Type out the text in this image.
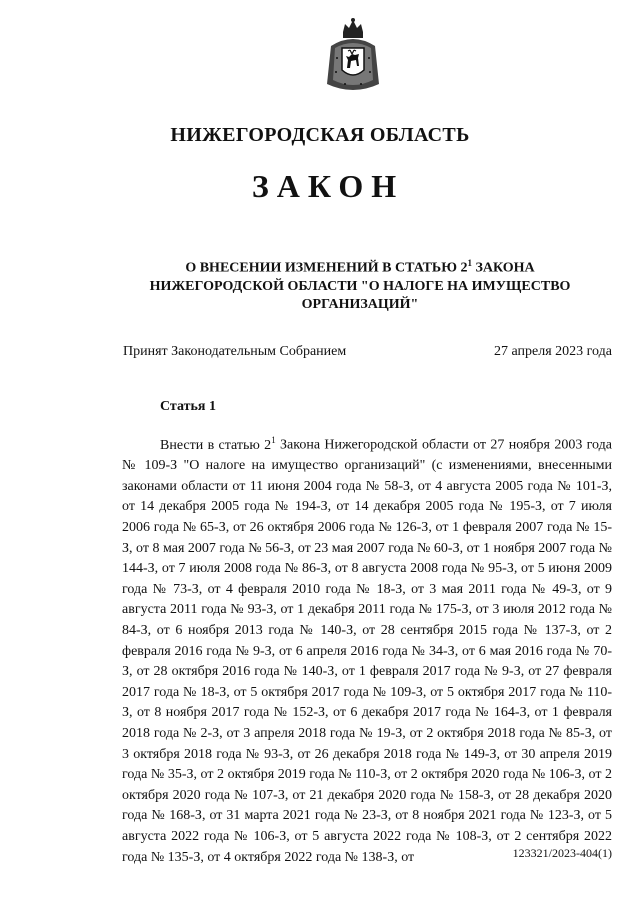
НИЖЕГОРОДСКАЯ ОБЛАСТЬ
ЗАКОН
О ВНЕСЕНИИ ИЗМЕНЕНИЙ В СТАТЬЮ $2^1$ ЗАКОНА НИЖЕГОРОДСКОЙ ОБЛАСТИ "О НАЛОГЕ НА ИМУЩЕСТВО ОРГАНИЗАЦИЙ"
Принят Законодательным Собранием	27 апреля 2023 года
Статья 1
Внести в статью $2^1$ Закона Нижегородской области от 27 ноября 2003 года № 109-З "О налоге на имущество организаций" (с изменениями, внесенными законами области от 11 июня 2004 года № 58-З, от 4 августа 2005 года № 101-З, от 14 декабря 2005 года № 194-З, от 14 декабря 2005 года № 195-З, от 7 июля 2006 года № 65-З, от 26 октября 2006 года № 126-З, от 1 февраля 2007 года № 15-З, от 8 мая 2007 года № 56-З, от 23 мая 2007 года № 60-З, от 1 ноября 2007 года № 144-З, от 7 июля 2008 года № 86-З, от 8 августа 2008 года № 95-З, от 5 июня 2009 года № 73-З, от 4 февраля 2010 года № 18-З, от 3 мая 2011 года № 49-З, от 9 августа 2011 года № 93-З, от 1 декабря 2011 года № 175-З, от 3 июля 2012 года № 84-З, от 6 ноября 2013 года № 140-З, от 28 сентября 2015 года № 137-З, от 2 февраля 2016 года № 9-З, от 6 апреля 2016 года № 34-З, от 6 мая 2016 года № 70-З, от 28 октября 2016 года № 140-З, от 1 февраля 2017 года № 9-З, от 27 февраля 2017 года № 18-З, от 5 октября 2017 года № 109-З, от 5 октября 2017 года № 110-З, от 8 ноября 2017 года № 152-З, от 6 декабря 2017 года № 164-З, от 1 февраля 2018 года № 2-З, от 3 апреля 2018 года № 19-З, от 2 октября 2018 года № 85-З, от 3 октября 2018 года № 93-З, от 26 декабря 2018 года № 149-З, от 30 апреля 2019 года № 35-З, от 2 октября 2019 года № 110-З, от 2 октября 2020 года № 106-З, от 2 октября 2020 года № 107-З, от 21 декабря 2020 года № 158-З, от 28 декабря 2020 года № 168-З, от 31 марта 2021 года № 23-З, от 8 ноября 2021 года № 123-З, от 5 августа 2022 года № 106-З, от 5 августа 2022 года № 108-З, от 2 сентября 2022 года № 135-З, от 4 октября 2022 года № 138-З, от	123321/2023-404(1)
